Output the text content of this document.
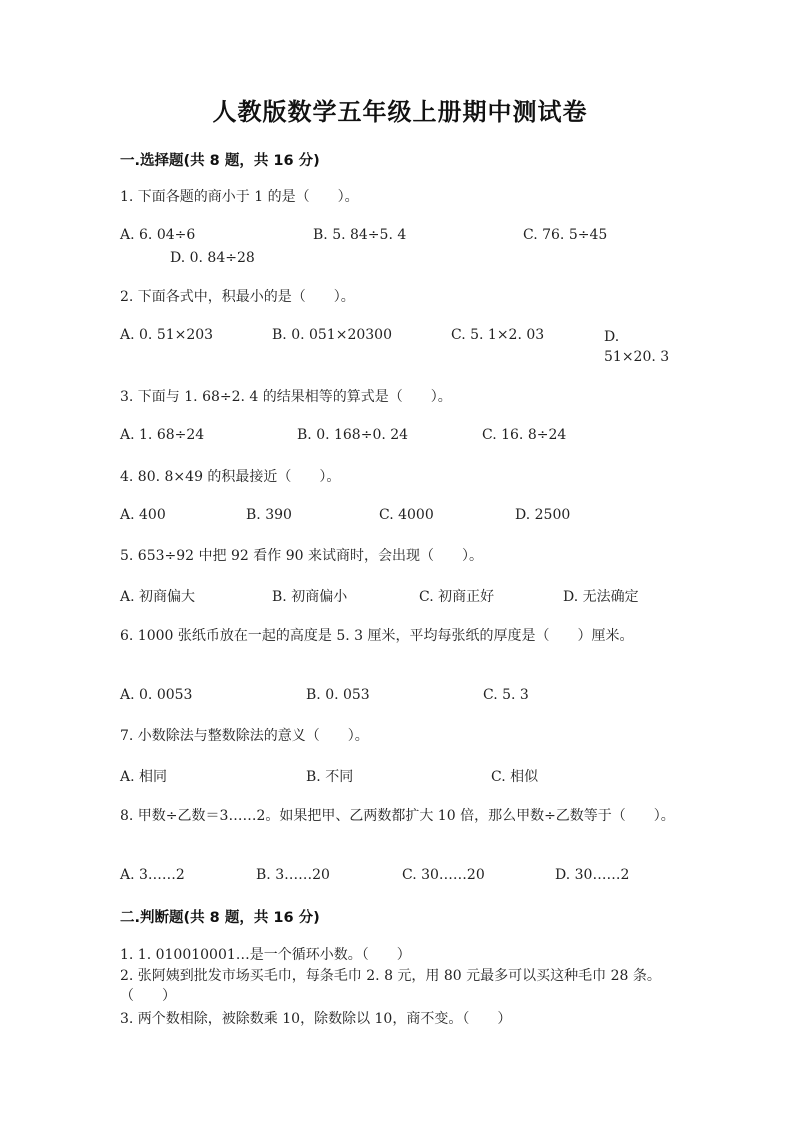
人教版数学五年级上册期中测试卷
一.选择题(共 8 题，共 16 分)
1. 下面各题的商小于 1 的是（　　）。
A. 6. 04÷6	B. 5. 84÷5. 4	C. 76. 5÷45
D. 0. 84÷28
2. 下面各式中，积最小的是（　　）。
A. 0. 51×203	B. 0. 051×20300	C. 5. 1×2. 03	D. 51×20. 3
3. 下面与 1. 68÷2. 4 的结果相等的算式是（　　）。
A. 1. 68÷24	B. 0. 168÷0. 24	C. 16. 8÷24
4. 80. 8×49 的积最接近（　　）。
A. 400	B. 390	C. 4000	D. 2500
5. 653÷92 中把 92 看作 90 来试商时，会出现（　　）。
A. 初商偏大	B. 初商偏小	C. 初商正好	D. 无法确定
6. 1000 张纸币放在一起的高度是 5. 3 厘米，平均每张纸的厚度是（　　）厘米。
A. 0. 0053	B. 0. 053	C. 5. 3
7. 小数除法与整数除法的意义（　　）。
A. 相同	B. 不同	C. 相似
8. 甲数÷乙数＝3……2。如果把甲、乙两数都扩大 10 倍，那么甲数÷乙数等于（　　）。
A. 3……2	B. 3……20	C. 30……20	D. 30……2
二.判断题(共 8 题，共 16 分)
1. 1. 010010001…是一个循环小数。（　　）
2. 张阿姨到批发市场买毛巾，每条毛巾 2. 8 元，用 80 元最多可以买这种毛巾 28 条。（　　）
3. 两个数相除，被除数乘 10，除数除以 10，商不变。（　　）
